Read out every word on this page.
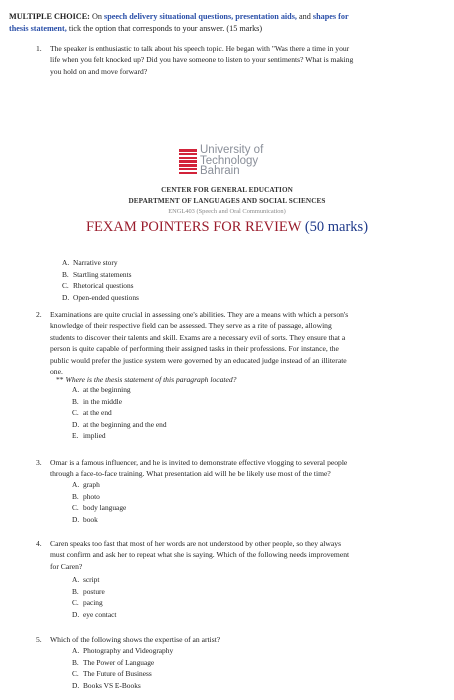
MULTIPLE CHOICE: On speech delivery situational questions, presentation aids, and shapes for
thesis statement, tick the option that corresponds to your answer. (15 marks)
1. The speaker is enthusiastic to talk about his speech topic. He began with "Was there a time in your
life when you felt knocked up? Did you have someone to listen to your sentiments? What is making
you hold on and move forward?
University of
Technology
Bahrain
CENTER FOR GENERAL EDUCATION
DEPARTMENT OF LANGUAGES AND SOCIAL SCIENCES
ENGL403 (Speech and Oral Communication)
FEXAM POINTERS FOR REVIEW (50 marks)
A. Narrative story
B. Startling statements
C. Rhetorical questions
D. Open-ended questions
2. Examinations are quite crucial in assessing one's abilities. They are a means with which a person's
knowledge of their respective field can be assessed. They serve as a rite of passage, allowing
students to discover their talents and skill. Exams are a necessary evil of sorts. They ensure that a
person is quite capable of performing their assigned tasks in their professions. For instance, the
public would prefer the justice system were governed by an educated judge instead of an illiterate
one.
** Where is the thesis statement of this paragraph located?
A. at the beginning
B. in the middle
C. at the end
D. at the beginning and the end
E. implied
3. Omar is a famous influencer, and he is invited to demonstrate effective vlogging to several people
through a face-to-face training. What presentation aid will he be likely use most of the time?
A. graph
B. photo
C. body language
D. book
4. Caren speaks too fast that most of her words are not understood by other people, so they always
must confirm and ask her to repeat what she is saying. Which of the following needs improvement
for Caren?
A. script
B. posture
C. pacing
D. eye contact
5. Which of the following shows the expertise of an artist?
A. Photography and Videography
B. The Power of Language
C. The Future of Business
D. Books VS E-Books
